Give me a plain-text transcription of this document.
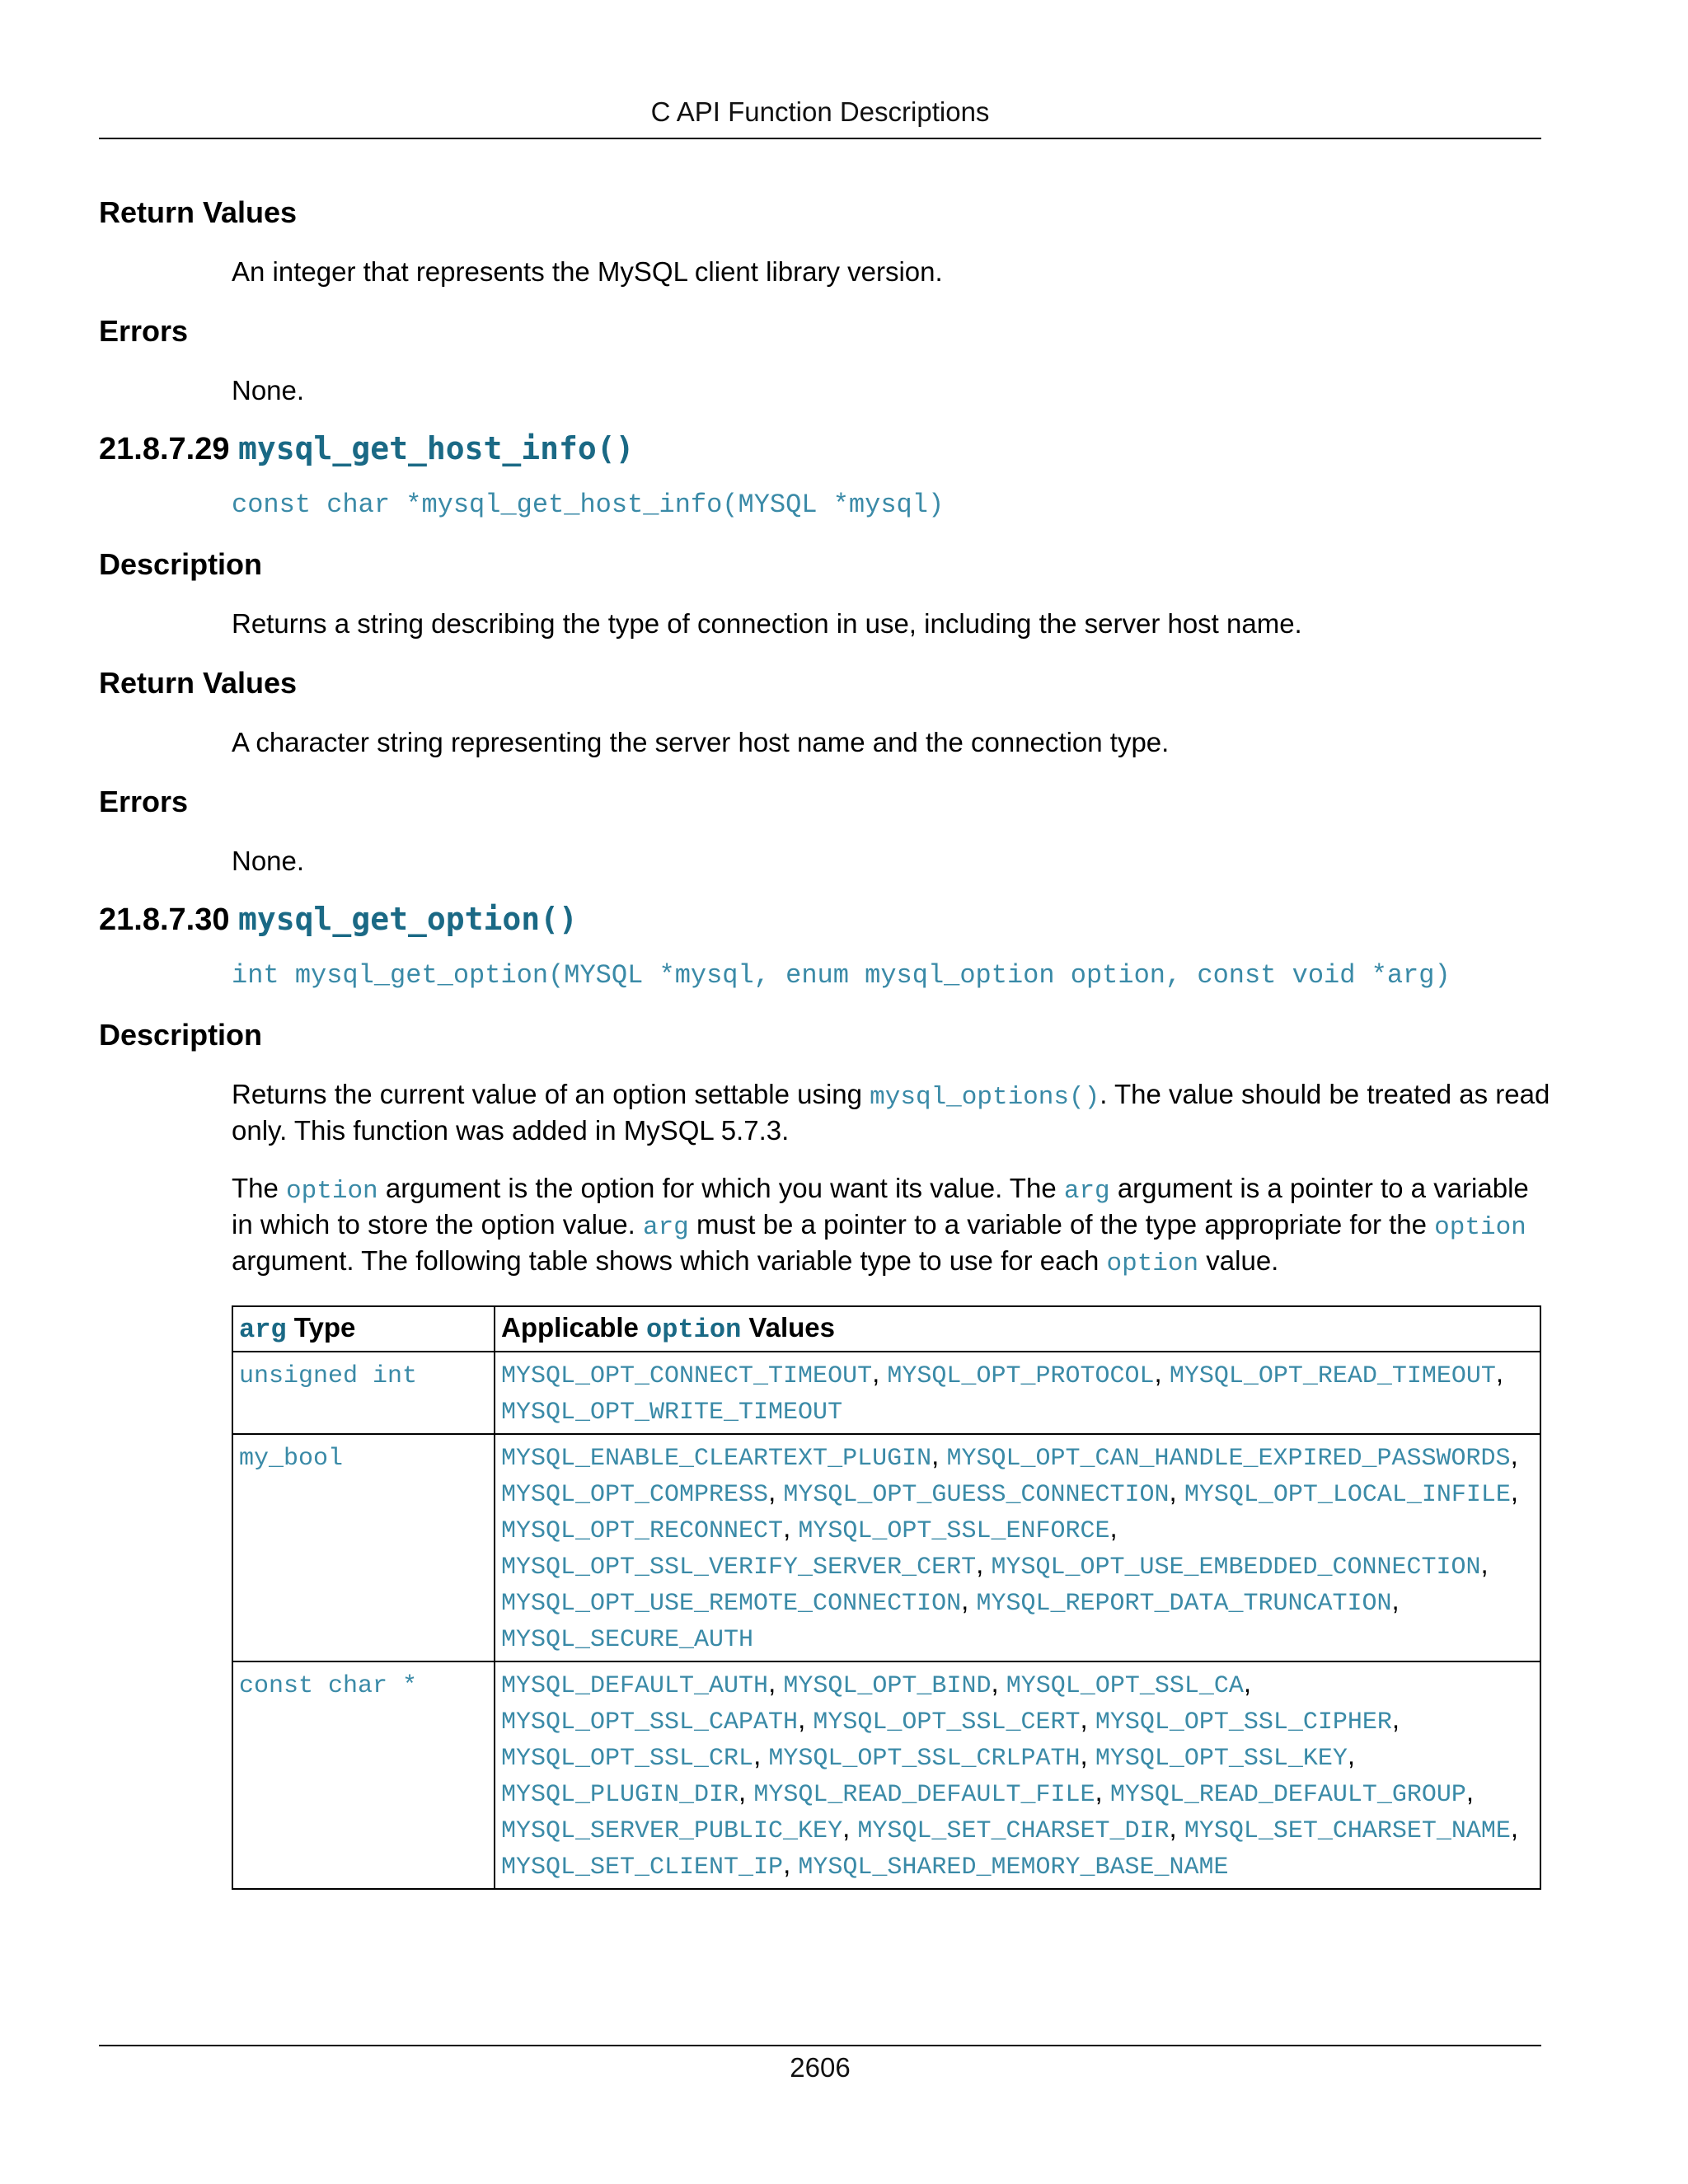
C API Function Descriptions
Return Values
An integer that represents the MySQL client library version.
Errors
None.
21.8.7.29 mysql_get_host_info()
const char *mysql_get_host_info(MYSQL *mysql)
Description
Returns a string describing the type of connection in use, including the server host name.
Return Values
A character string representing the server host name and the connection type.
Errors
None.
21.8.7.30 mysql_get_option()
int mysql_get_option(MYSQL *mysql, enum mysql_option option, const void *arg)
Description
Returns the current value of an option settable using mysql_options(). The value should be treated as read only. This function was added in MySQL 5.7.3.
The option argument is the option for which you want its value. The arg argument is a pointer to a variable in which to store the option value. arg must be a pointer to a variable of the type appropriate for the option argument. The following table shows which variable type to use for each option value.
arg Type	Applicable option Values
unsigned int	MYSQL_OPT_CONNECT_TIMEOUT, MYSQL_OPT_PROTOCOL, MYSQL_OPT_READ_TIMEOUT, MYSQL_OPT_WRITE_TIMEOUT
my_bool	MYSQL_ENABLE_CLEARTEXT_PLUGIN, MYSQL_OPT_CAN_HANDLE_EXPIRED_PASSWORDS, MYSQL_OPT_COMPRESS, MYSQL_OPT_GUESS_CONNECTION, MYSQL_OPT_LOCAL_INFILE, MYSQL_OPT_RECONNECT, MYSQL_OPT_SSL_ENFORCE, MYSQL_OPT_SSL_VERIFY_SERVER_CERT, MYSQL_OPT_USE_EMBEDDED_CONNECTION, MYSQL_OPT_USE_REMOTE_CONNECTION, MYSQL_REPORT_DATA_TRUNCATION, MYSQL_SECURE_AUTH
const char *	MYSQL_DEFAULT_AUTH, MYSQL_OPT_BIND, MYSQL_OPT_SSL_CA, MYSQL_OPT_SSL_CAPATH, MYSQL_OPT_SSL_CERT, MYSQL_OPT_SSL_CIPHER, MYSQL_OPT_SSL_CRL, MYSQL_OPT_SSL_CRLPATH, MYSQL_OPT_SSL_KEY, MYSQL_PLUGIN_DIR, MYSQL_READ_DEFAULT_FILE, MYSQL_READ_DEFAULT_GROUP, MYSQL_SERVER_PUBLIC_KEY, MYSQL_SET_CHARSET_DIR, MYSQL_SET_CHARSET_NAME, MYSQL_SET_CLIENT_IP, MYSQL_SHARED_MEMORY_BASE_NAME
2606
